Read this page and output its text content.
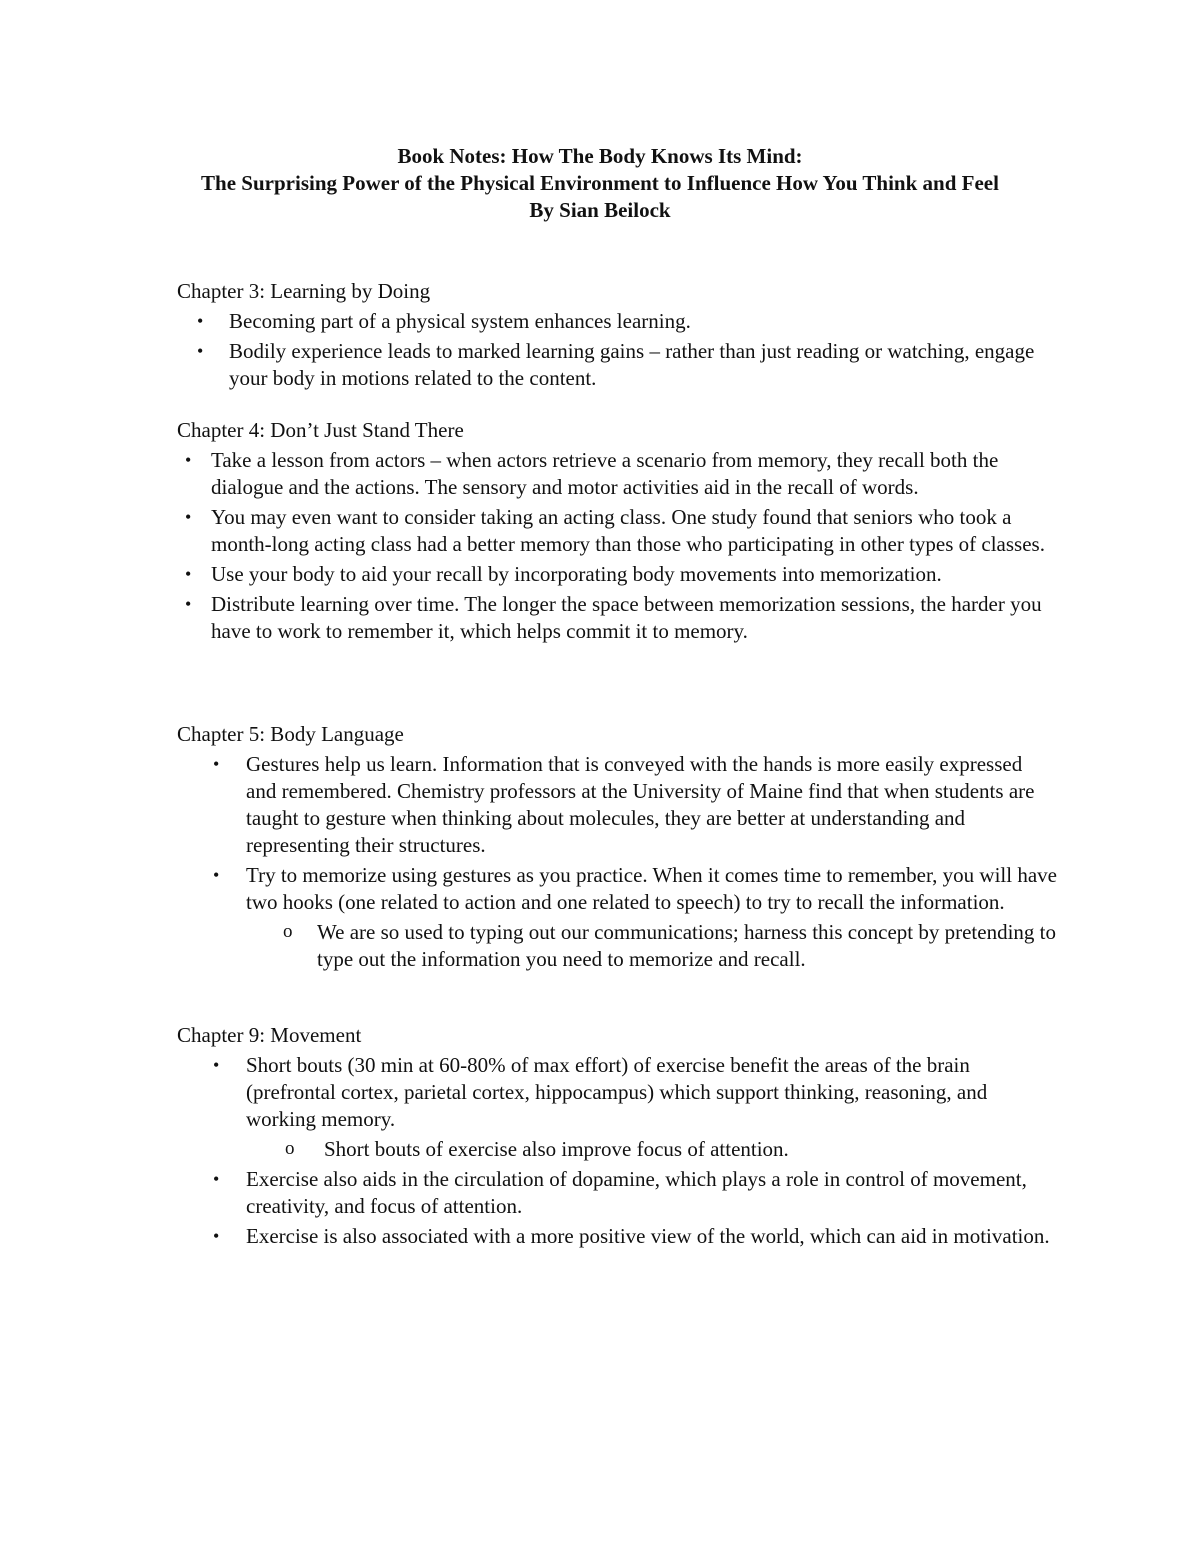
Book Notes: How The Body Knows Its Mind:
The Surprising Power of the Physical Environment to Influence How You Think and Feel
By Sian Beilock
Chapter 3: Learning by Doing
• Becoming part of a physical system enhances learning.
• Bodily experience leads to marked learning gains – rather than just reading or watching, engage your body in motions related to the content.
Chapter 4: Don’t Just Stand There
• Take a lesson from actors – when actors retrieve a scenario from memory, they recall both the dialogue and the actions. The sensory and motor activities aid in the recall of words.
• You may even want to consider taking an acting class. One study found that seniors who took a month-long acting class had a better memory than those who participating in other types of classes.
• Use your body to aid your recall by incorporating body movements into memorization.
• Distribute learning over time. The longer the space between memorization sessions, the harder you have to work to remember it, which helps commit it to memory.
Chapter 5: Body Language
• Gestures help us learn. Information that is conveyed with the hands is more easily expressed and remembered. Chemistry professors at the University of Maine find that when students are taught to gesture when thinking about molecules, they are better at understanding and representing their structures.
• Try to memorize using gestures as you practice. When it comes time to remember, you will have two hooks (one related to action and one related to speech) to try to recall the information.
o We are so used to typing out our communications; harness this concept by pretending to type out the information you need to memorize and recall.
Chapter 9: Movement
• Short bouts (30 min at 60-80% of max effort) of exercise benefit the areas of the brain (prefrontal cortex, parietal cortex, hippocampus) which support thinking, reasoning, and working memory.
o Short bouts of exercise also improve focus of attention.
• Exercise also aids in the circulation of dopamine, which plays a role in control of movement, creativity, and focus of attention.
• Exercise is also associated with a more positive view of the world, which can aid in motivation.
